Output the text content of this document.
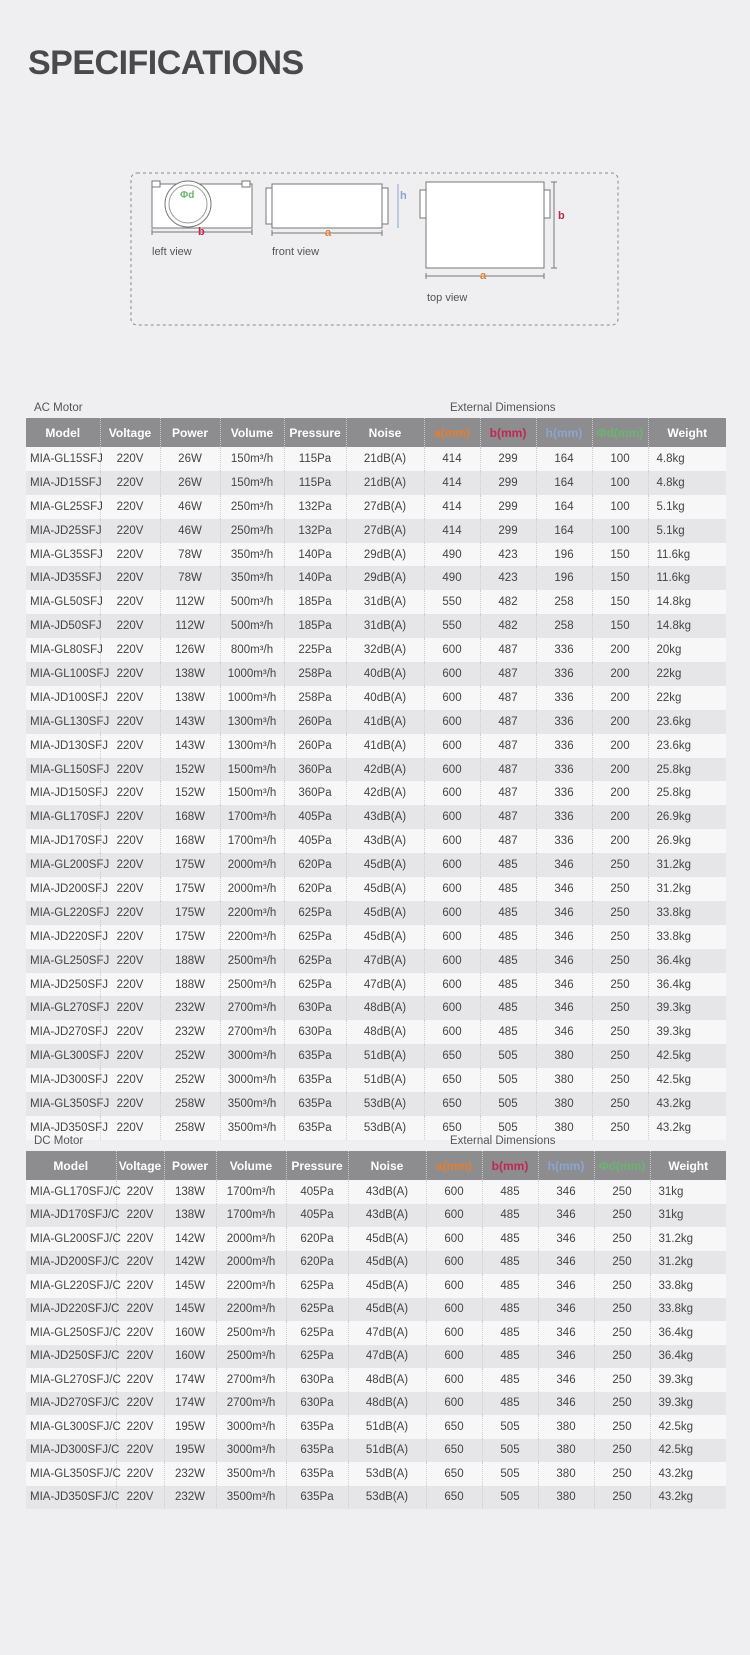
SPECIFICATIONS
Φd
b	a
h
a
b
left view	front view
top view
AC Motor	External Dimensions
Model	Voltage	Power	Volume	Pressure	Noise	a(mm)	b(mm)	h(mm)	Φd(mm)	Weight
MIA-GL15SFJ	220V	26W	150m³/h	115Pa	21dB(A)	414	299	164	100	4.8kg
MIA-JD15SFJ	220V	26W	150m³/h	115Pa	21dB(A)	414	299	164	100	4.8kg
MIA-GL25SFJ	220V	46W	250m³/h	132Pa	27dB(A)	414	299	164	100	5.1kg
MIA-JD25SFJ	220V	46W	250m³/h	132Pa	27dB(A)	414	299	164	100	5.1kg
MIA-GL35SFJ	220V	78W	350m³/h	140Pa	29dB(A)	490	423	196	150	11.6kg
MIA-JD35SFJ	220V	78W	350m³/h	140Pa	29dB(A)	490	423	196	150	11.6kg
MIA-GL50SFJ	220V	112W	500m³/h	185Pa	31dB(A)	550	482	258	150	14.8kg
MIA-JD50SFJ	220V	112W	500m³/h	185Pa	31dB(A)	550	482	258	150	14.8kg
MIA-GL80SFJ	220V	126W	800m³/h	225Pa	32dB(A)	600	487	336	200	20kg
MIA-GL100SFJ	220V	138W	1000m³/h	258Pa	40dB(A)	600	487	336	200	22kg
MIA-JD100SFJ	220V	138W	1000m³/h	258Pa	40dB(A)	600	487	336	200	22kg
MIA-GL130SFJ	220V	143W	1300m³/h	260Pa	41dB(A)	600	487	336	200	23.6kg
MIA-JD130SFJ	220V	143W	1300m³/h	260Pa	41dB(A)	600	487	336	200	23.6kg
MIA-GL150SFJ	220V	152W	1500m³/h	360Pa	42dB(A)	600	487	336	200	25.8kg
MIA-JD150SFJ	220V	152W	1500m³/h	360Pa	42dB(A)	600	487	336	200	25.8kg
MIA-GL170SFJ	220V	168W	1700m³/h	405Pa	43dB(A)	600	487	336	200	26.9kg
MIA-JD170SFJ	220V	168W	1700m³/h	405Pa	43dB(A)	600	487	336	200	26.9kg
MIA-GL200SFJ	220V	175W	2000m³/h	620Pa	45dB(A)	600	485	346	250	31.2kg
MIA-JD200SFJ	220V	175W	2000m³/h	620Pa	45dB(A)	600	485	346	250	31.2kg
MIA-GL220SFJ	220V	175W	2200m³/h	625Pa	45dB(A)	600	485	346	250	33.8kg
MIA-JD220SFJ	220V	175W	2200m³/h	625Pa	45dB(A)	600	485	346	250	33.8kg
MIA-GL250SFJ	220V	188W	2500m³/h	625Pa	47dB(A)	600	485	346	250	36.4kg
MIA-JD250SFJ	220V	188W	2500m³/h	625Pa	47dB(A)	600	485	346	250	36.4kg
MIA-GL270SFJ	220V	232W	2700m³/h	630Pa	48dB(A)	600	485	346	250	39.3kg
MIA-JD270SFJ	220V	232W	2700m³/h	630Pa	48dB(A)	600	485	346	250	39.3kg
MIA-GL300SFJ	220V	252W	3000m³/h	635Pa	51dB(A)	650	505	380	250	42.5kg
MIA-JD300SFJ	220V	252W	3000m³/h	635Pa	51dB(A)	650	505	380	250	42.5kg
MIA-GL350SFJ	220V	258W	3500m³/h	635Pa	53dB(A)	650	505	380	250	43.2kg
MIA-JD350SFJ	220V	258W	3500m³/h	635Pa	53dB(A)	650	505	380	250	43.2kg
DC Motor	External Dimensions
Model	Voltage	Power	Volume	Pressure	Noise	a(mm)	b(mm)	h(mm)	Φd(mm)	Weight
MIA-GL170SFJ/C	220V	138W	1700m³/h	405Pa	43dB(A)	600	485	346	250	31kg
MIA-JD170SFJ/C	220V	138W	1700m³/h	405Pa	43dB(A)	600	485	346	250	31kg
MIA-GL200SFJ/C	220V	142W	2000m³/h	620Pa	45dB(A)	600	485	346	250	31.2kg
MIA-JD200SFJ/C	220V	142W	2000m³/h	620Pa	45dB(A)	600	485	346	250	31.2kg
MIA-GL220SFJ/C	220V	145W	2200m³/h	625Pa	45dB(A)	600	485	346	250	33.8kg
MIA-JD220SFJ/C	220V	145W	2200m³/h	625Pa	45dB(A)	600	485	346	250	33.8kg
MIA-GL250SFJ/C	220V	160W	2500m³/h	625Pa	47dB(A)	600	485	346	250	36.4kg
MIA-JD250SFJ/C	220V	160W	2500m³/h	625Pa	47dB(A)	600	485	346	250	36.4kg
MIA-GL270SFJ/C	220V	174W	2700m³/h	630Pa	48dB(A)	600	485	346	250	39.3kg
MIA-JD270SFJ/C	220V	174W	2700m³/h	630Pa	48dB(A)	600	485	346	250	39.3kg
MIA-GL300SFJ/C	220V	195W	3000m³/h	635Pa	51dB(A)	650	505	380	250	42.5kg
MIA-JD300SFJ/C	220V	195W	3000m³/h	635Pa	51dB(A)	650	505	380	250	42.5kg
MIA-GL350SFJ/C	220V	232W	3500m³/h	635Pa	53dB(A)	650	505	380	250	43.2kg
MIA-JD350SFJ/C	220V	232W	3500m³/h	635Pa	53dB(A)	650	505	380	250	43.2kg
